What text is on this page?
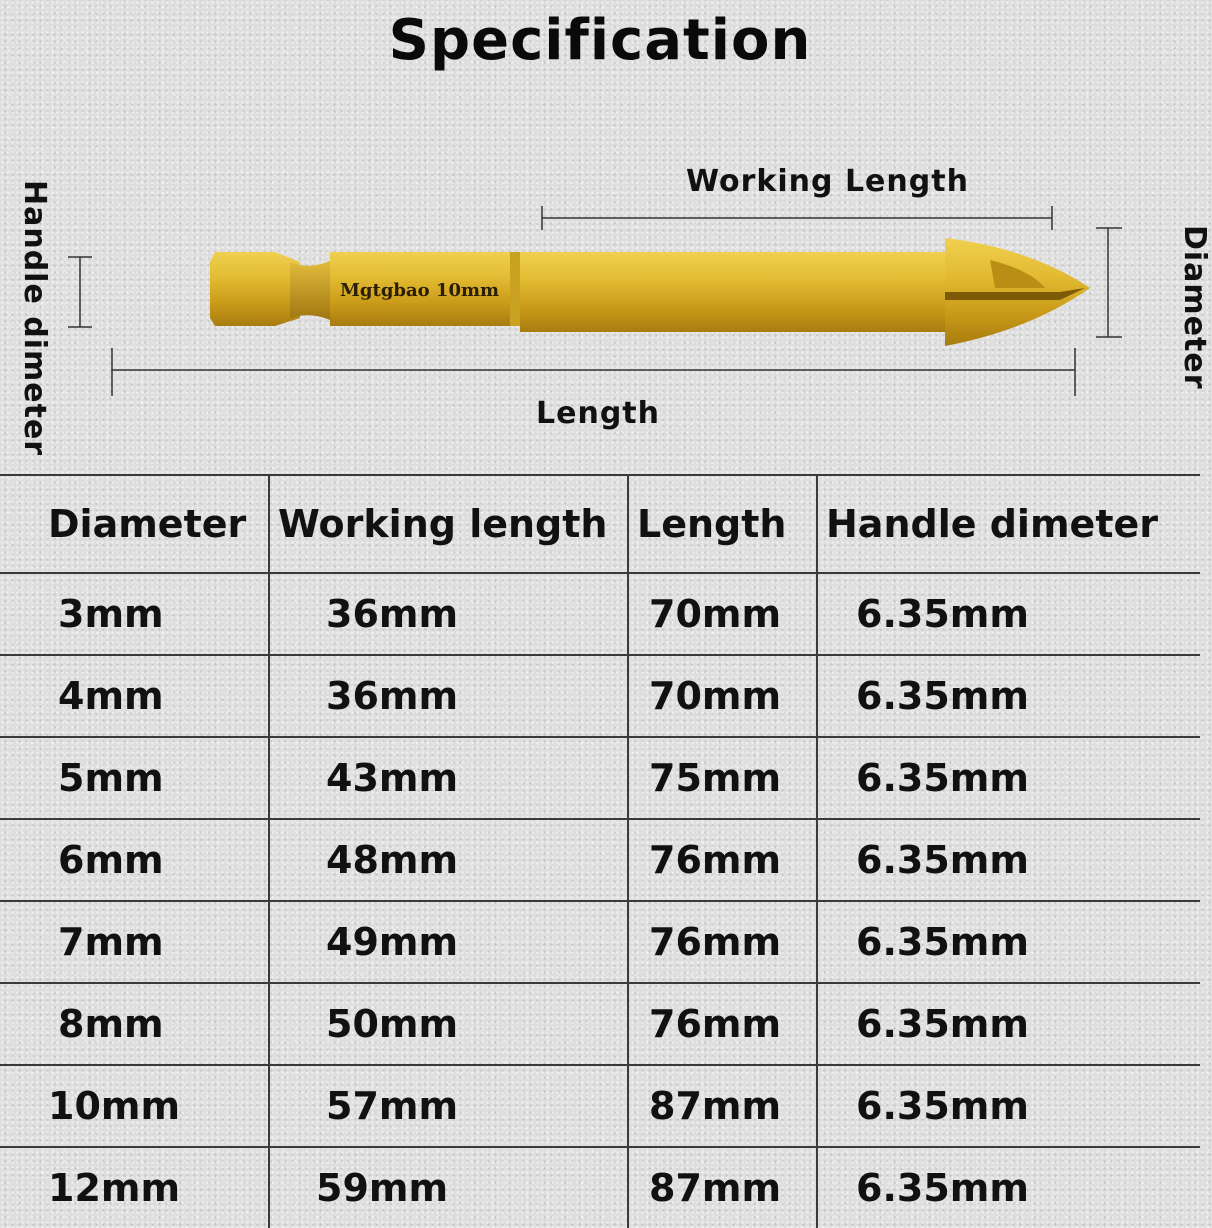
Specification
Mgtgbao 10mm
Working Length
Length
Handle dimeter	Diameter
Diameter	Working length	Length	Handle dimeter
3mm	36mm	70mm	6.35mm
4mm	36mm	70mm	6.35mm
5mm	43mm	75mm	6.35mm
6mm	48mm	76mm	6.35mm
7mm	49mm	76mm	6.35mm
8mm	50mm	76mm	6.35mm
10mm	57mm	87mm	6.35mm
12mm	59mm	87mm	6.35mm
